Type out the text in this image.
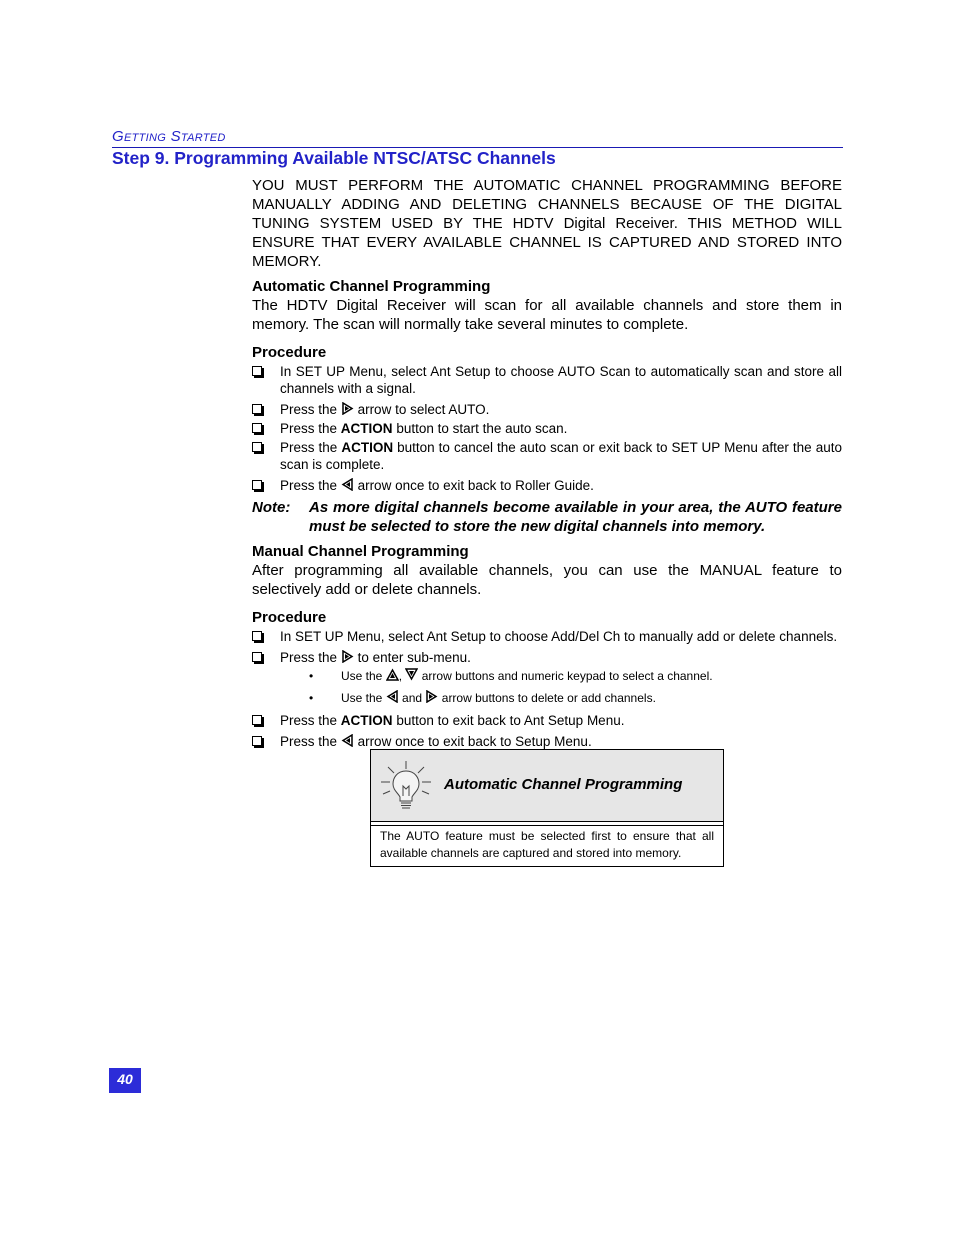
Getting Started
Step 9. Programming Available NTSC/ATSC Channels

YOU MUST PERFORM THE AUTOMATIC CHANNEL PROGRAMMING BEFORE MANUALLY ADDING AND DELETING CHANNELS BECAUSE OF THE DIGITAL TUNING SYSTEM USED BY THE HDTV Digital Receiver. THIS METHOD WILL ENSURE THAT EVERY AVAILABLE CHANNEL IS CAPTURED AND STORED INTO MEMORY.

Automatic Channel Programming

The HDTV Digital Receiver will scan for all available channels and store them in memory. The scan will normally take several minutes to complete.

Procedure
In SET UP Menu, select Ant Setup to choose AUTO Scan to automatically scan and store all channels with a signal.
Press the arrow to select AUTO.
Press the ACTION button to start the auto scan.
Press the ACTION button to cancel the auto scan or exit back to SET UP Menu after the auto scan is complete.
Press the arrow once to exit back to Roller Guide.
Note: As more digital channels become available in your area, the AUTO feature must be selected to store the new digital channels into memory.
Manual Channel Programming

After programming all available channels, you can use the MANUAL feature to selectively add or delete channels.

Procedure
In SET UP Menu, select Ant Setup to choose Add/Del Ch to manually add or delete channels.
Press the to enter sub-menu.
• Use the , arrow buttons and numeric keypad to select a channel.
• Use the and arrow buttons to delete or add channels.
Press the ACTION button to exit back to Ant Setup Menu.
Press the arrow once to exit back to Setup Menu.
Automatic Channel Programming
The AUTO feature must be selected first to ensure that all available channels are captured and stored into memory.
40
